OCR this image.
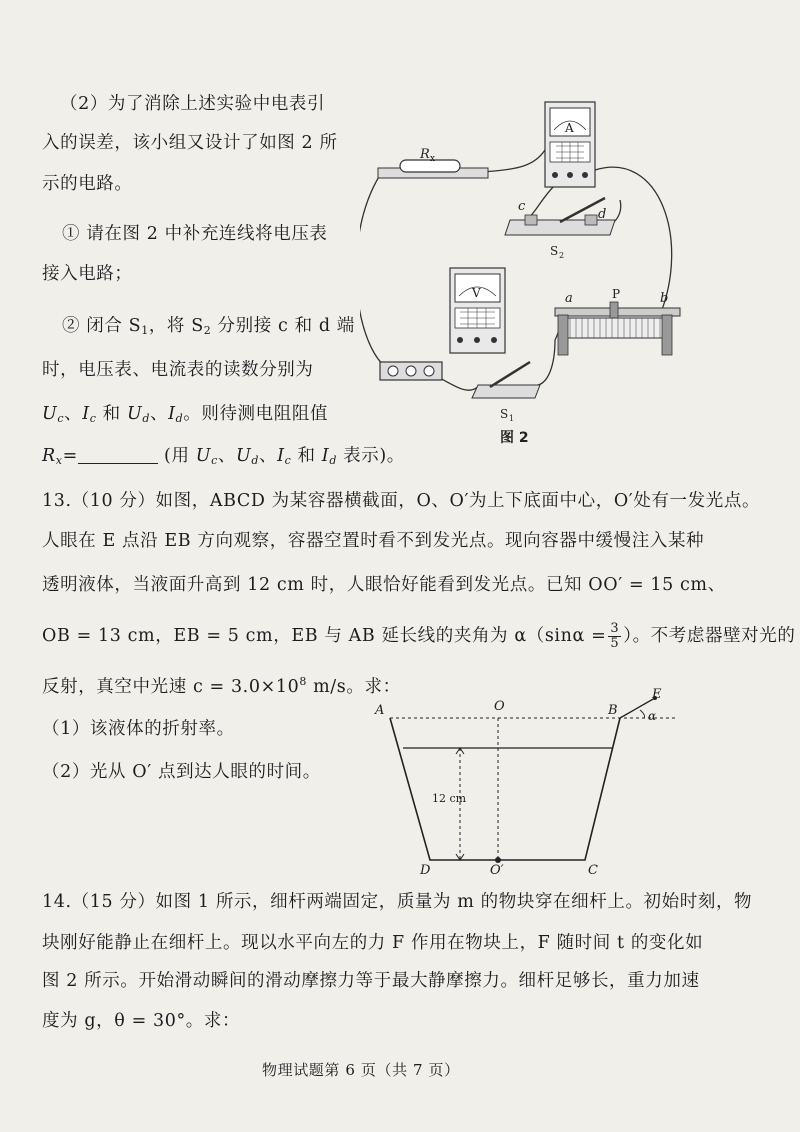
（2）为了消除上述实验中电表引
入的误差，该小组又设计了如图 2 所
示的电路。
① 请在图 2 中补充连线将电压表
接入电路；
② 闭合 $S_1$，将 $S_2$ 分别接 c 和 d 端
时，电压表、电流表的读数分别为
$U_c$、$I_c$ 和 $U_d$、$I_d$。则待测电阻阻值
$R_x=$	(用 $U_c$、$U_d$、$I_c$ 和 $I_d$ 表示)。
R x
A
c
d
S 2
V	a	b
P
S 1
图 2
13.（10 分）如图，ABCD 为某容器横截面，O、O′为上下底面中心，O′处有一发光点。
人眼在 E 点沿 EB 方向观察，容器空置时看不到发光点。现向容器中缓慢注入某种
透明液体，当液面升高到 12 cm 时，人眼恰好能看到发光点。已知 OO′ = 15 cm、
OB = 13 cm，EB = 5 cm，EB 与 AB 延长线的夹角为 $\alpha(\sin\alpha = \frac{3}{5}$ ）。不考虑器壁对光的
反射，真空中光速 $c = 3.0\times 10^8$ m/s。求：
（1）该液体的折射率。
（2）光从 O′ 点到达人眼的时间。
A	O	B
E
α
D	O′	C
12 cm
14.（15 分）如图 1 所示，细杆两端固定，质量为 m 的物块穿在细杆上。初始时刻，物
块刚好能静止在细杆上。现以水平向左的力 F 作用在物块上，F 随时间 t 的变化如
图 2 所示。开始滑动瞬间的滑动摩擦力等于最大静摩擦力。细杆足够长，重力加速
度为 g，θ = 30°。求：
物理试题第 6 页（共 7 页）
